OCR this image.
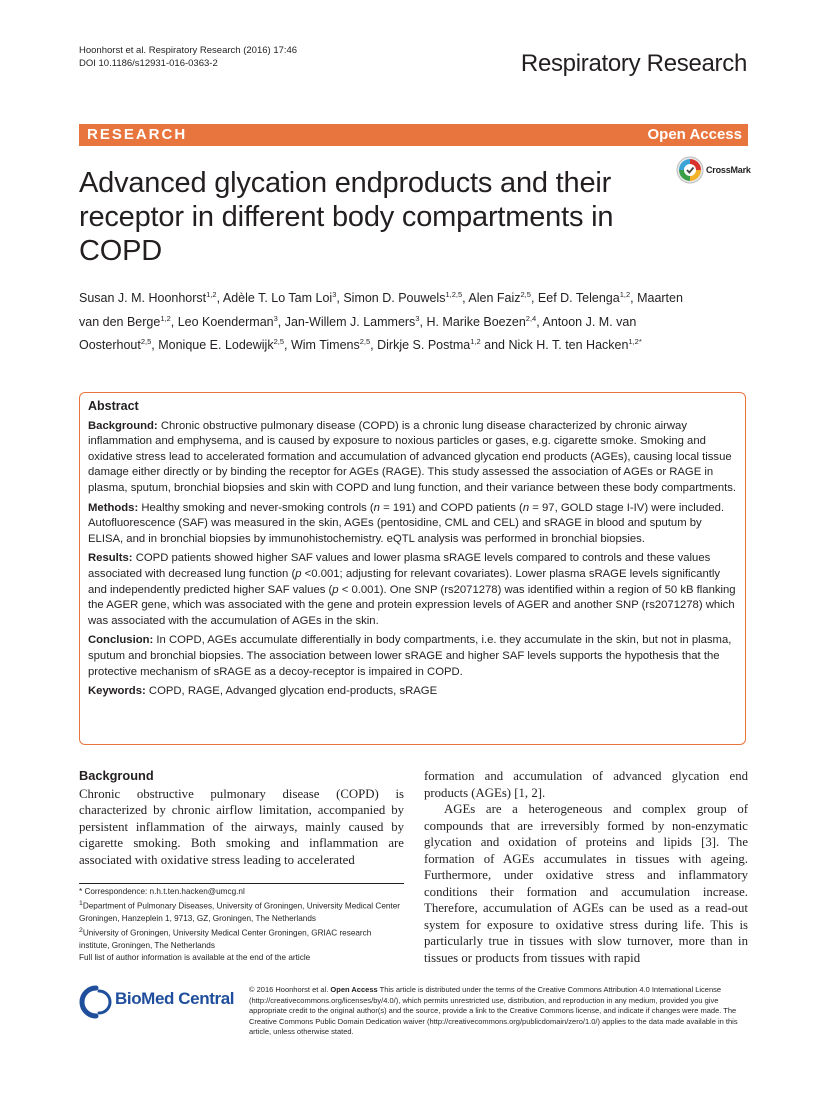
Hoonhorst et al. Respiratory Research (2016) 17:46
DOI 10.1186/s12931-016-0363-2	Respiratory Research
RESEARCH	Open Access
Advanced glycation endproducts and their receptor in different body compartments in COPD
CrossMark
Susan J. M. Hoonhorst$^{1,2}$, Adèle T. Lo Tam Loi$^3$, Simon D. Pouwels$^{1,2,5}$, Alen Faiz$^{2,5}$, Eef D. Telenga$^{1,2}$, Maarten van den Berge$^{1,2}$, Leo Koenderman$^3$, Jan-Willem J. Lammers$^3$, H. Marike Boezen$^{2,4}$, Antoon J. M. van Oosterhout$^{2,5}$, Monique E. Lodewijk$^{2,5}$, Wim Timens$^{2,5}$, Dirkje S. Postma$^{1,2}$ and Nick H. T. ten Hacken$^{1,2*}$
Abstract

Background: Chronic obstructive pulmonary disease (COPD) is a chronic lung disease characterized by chronic airway inflammation and emphysema, and is caused by exposure to noxious particles or gases, e.g. cigarette smoke. Smoking and oxidative stress lead to accelerated formation and accumulation of advanced glycation end products (AGEs), causing local tissue damage either directly or by binding the receptor for AGEs (RAGE). This study assessed the association of AGEs or RAGE in plasma, sputum, bronchial biopsies and skin with COPD and lung function, and their variance between these body compartments.

Methods: Healthy smoking and never-smoking controls (n = 191) and COPD patients (n = 97, GOLD stage I-IV) were included. Autofluorescence (SAF) was measured in the skin, AGEs (pentosidine, CML and CEL) and sRAGE in blood and sputum by ELISA, and in bronchial biopsies by immunohistochemistry. eQTL analysis was performed in bronchial biopsies.

Results: COPD patients showed higher SAF values and lower plasma sRAGE levels compared to controls and these values associated with decreased lung function (p <0.001; adjusting for relevant covariates). Lower plasma sRAGE levels significantly and independently predicted higher SAF values (p < 0.001). One SNP (rs2071278) was identified within a region of 50 kB flanking the AGER gene, which was associated with the gene and protein expression levels of AGER and another SNP (rs2071278) which was associated with the accumulation of AGEs in the skin.

Conclusion: In COPD, AGEs accumulate differentially in body compartments, i.e. they accumulate in the skin, but not in plasma, sputum and bronchial biopsies. The association between lower sRAGE and higher SAF levels supports the hypothesis that the protective mechanism of sRAGE as a decoy-receptor is impaired in COPD.

Keywords: COPD, RAGE, Advanged glycation end-products, sRAGE

Background
Chronic obstructive pulmonary disease (COPD) is characterized by chronic airflow limitation, accompanied by persistent inflammation of the airways, mainly caused by cigarette smoking. Both smoking and inflammation are associated with oxidative stress leading to accelerated

* Correspondence: n.h.t.ten.hacken@umcg.nl

$^1$Department of Pulmonary Diseases, University of Groningen, University Medical Center Groningen, Hanzeplein 1, 9713, GZ, Groningen, The Netherlands

$^2$University of Groningen, University Medical Center Groningen, GRIAC research institute, Groningen, The Netherlands

Full list of author information is available at the end of the article

formation and accumulation of advanced glycation end products (AGEs) [1, 2].

AGEs are a heterogeneous and complex group of compounds that are irreversibly formed by non-enzymatic glycation and oxidation of proteins and lipids [3]. The formation of AGEs accumulates in tissues with ageing. Furthermore, under oxidative stress and inflammatory conditions their formation and accumulation increase. Therefore, accumulation of AGEs can be used as a read-out system for exposure to oxidative stress during life. This is particularly true in tissues with slow turnover, more than in tissues or products from tissues with rapid

BioMed Central © 2016 Hoonhorst et al. Open Access This article is distributed under the terms of the Creative Commons Attribution 4.0 International License (http://creativecommons.org/licenses/by/4.0/), which permits unrestricted use, distribution, and reproduction in any medium, provided you give appropriate credit to the original author(s) and the source, provide a link to the Creative Commons license, and indicate if changes were made. The Creative Commons Public Domain Dedication waiver (http://creativecommons.org/publicdomain/zero/1.0/) applies to the data made available in this article, unless otherwise stated.
